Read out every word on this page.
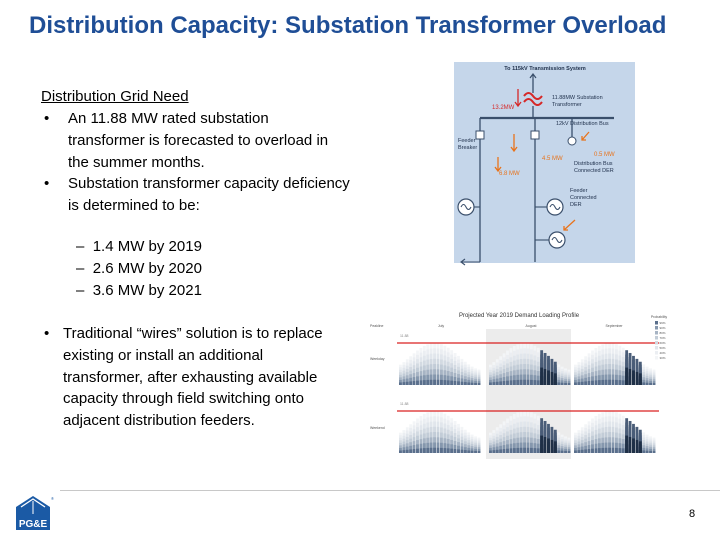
Distribution Capacity: Substation Transformer Overload
Distribution Grid Need
• An 11.88 MW rated substation
transformer is forecasted to overload in
the summer months.
• Substation transformer capacity deficiency
is determined to be:
– 1.4 MW by 2019
– 2.6 MW by 2020
– 3.6 MW by 2021
• Traditional “wires” solution is to replace
existing or install an additional
transformer, after exhausting available
capacity through field switching onto
adjacent distribution feeders.
To 115kV Transmission System
11.88MW Substation Transformer
13.2MW
12kV Distribution Bus
Feeder Breaker
0.5 MW
Distribution Bus Connected DER
4.5 MW
6.8 MW
Feeder Connected DER
Projected Year 2019 Demand Loading Profile
Peakline	July	August	September
Weekday
Weekend
11.88
11.88
Probability
99%
90%
80%
70%
60%
50%
40%
30%
PG&E
®
8
